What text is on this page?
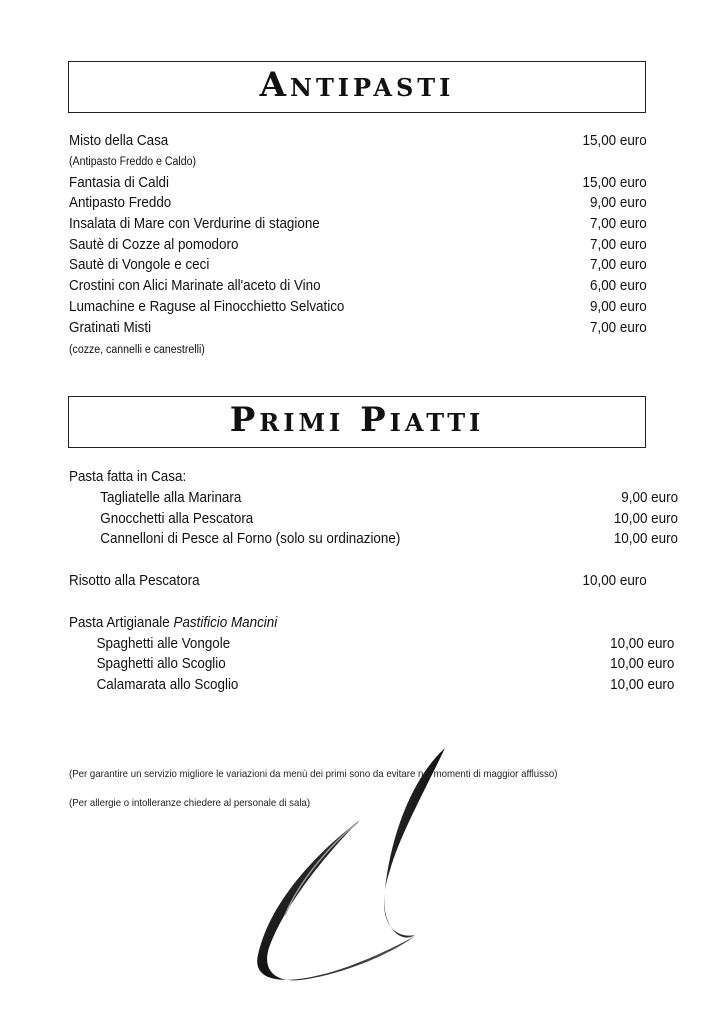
Antipasti
Misto della Casa	15,00 euro
(Antipasto Freddo e Caldo)
Fantasia di Caldi	15,00 euro
Antipasto Freddo	9,00 euro
Insalata di Mare con Verdurine di stagione	7,00 euro
Sautè di Cozze al pomodoro	7,00 euro
Sautè di Vongole e ceci	7,00 euro
Crostini con Alici Marinate all'aceto di Vino	6,00 euro
Lumachine e Raguse al Finocchietto Selvatico	9,00 euro
Gratinati Misti	7,00 euro
(cozze, cannelli e canestrelli)
Primi Piatti
Pasta fatta in Casa:
Tagliatelle alla Marinara	9,00 euro
Gnocchetti alla Pescatora	10,00 euro
Cannelloni di Pesce al Forno (solo su ordinazione)	10,00 euro
Risotto alla Pescatora	10,00 euro
Pasta Artigianale Pastificio Mancini
Spaghetti alle Vongole	10,00 euro
Spaghetti allo Scoglio	10,00 euro
Calamarata allo Scoglio	10,00 euro
(Per garantire un servizio migliore le variazioni da menù dei primi sono da evitare nei momenti di maggior afflusso)
(Per allergie o intolleranze chiedere al personale di sala)
